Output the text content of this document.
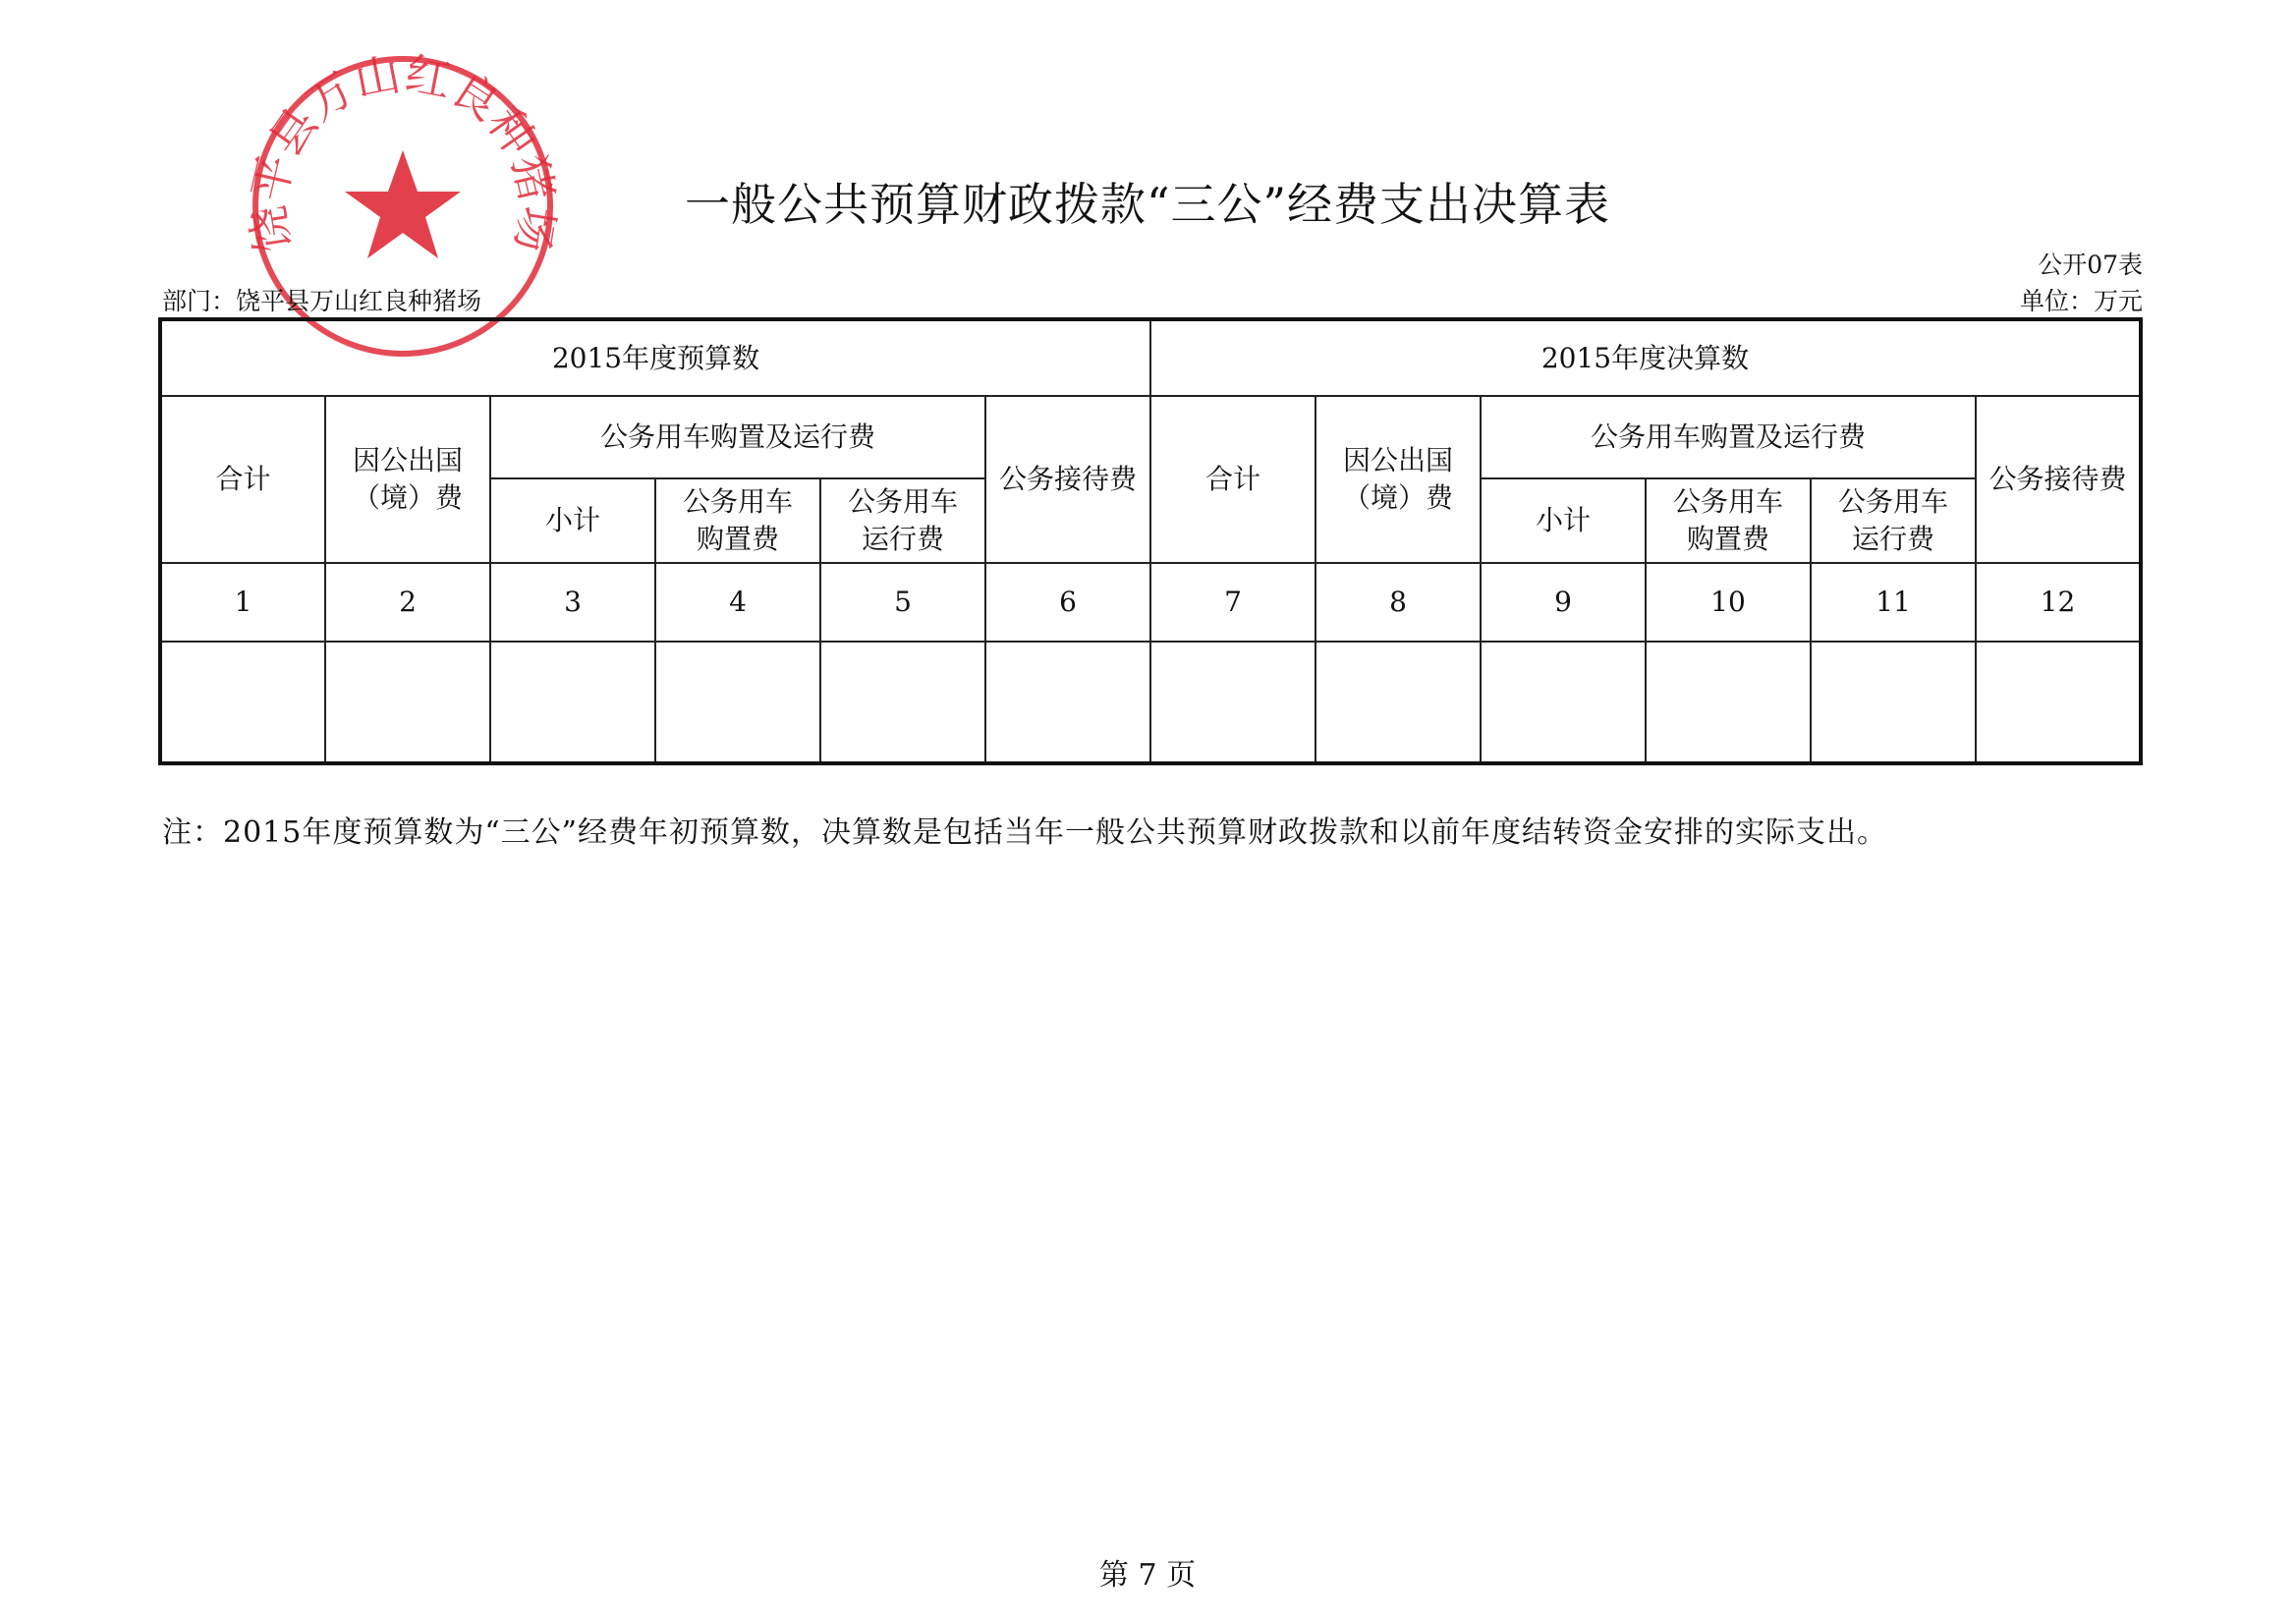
饶平县万山红良种猪场	一般公共预算财政拨款“三公”经费支出决算表
公开07表
单位：万元
部门：饶平县万山红良种猪场
2015年度预算数						2015年度决算数					
合计	因公出国（境）费	公务用车购置及运行费			公务接待费	合计	因公出国（境）费	公务用车购置及运行费			公务接待费
		小计	公务用车购置费	公务用车运行费				小计	公务用车购置费	公务用车运行费	
1	2	3	4	5	6	7	8	9	10	11	12

注：2015年度预算数为“三公”经费年初预算数，决算数是包括当年一般公共预算财政拨款和以前年度结转资金安排的实际支出。
第 7 页
